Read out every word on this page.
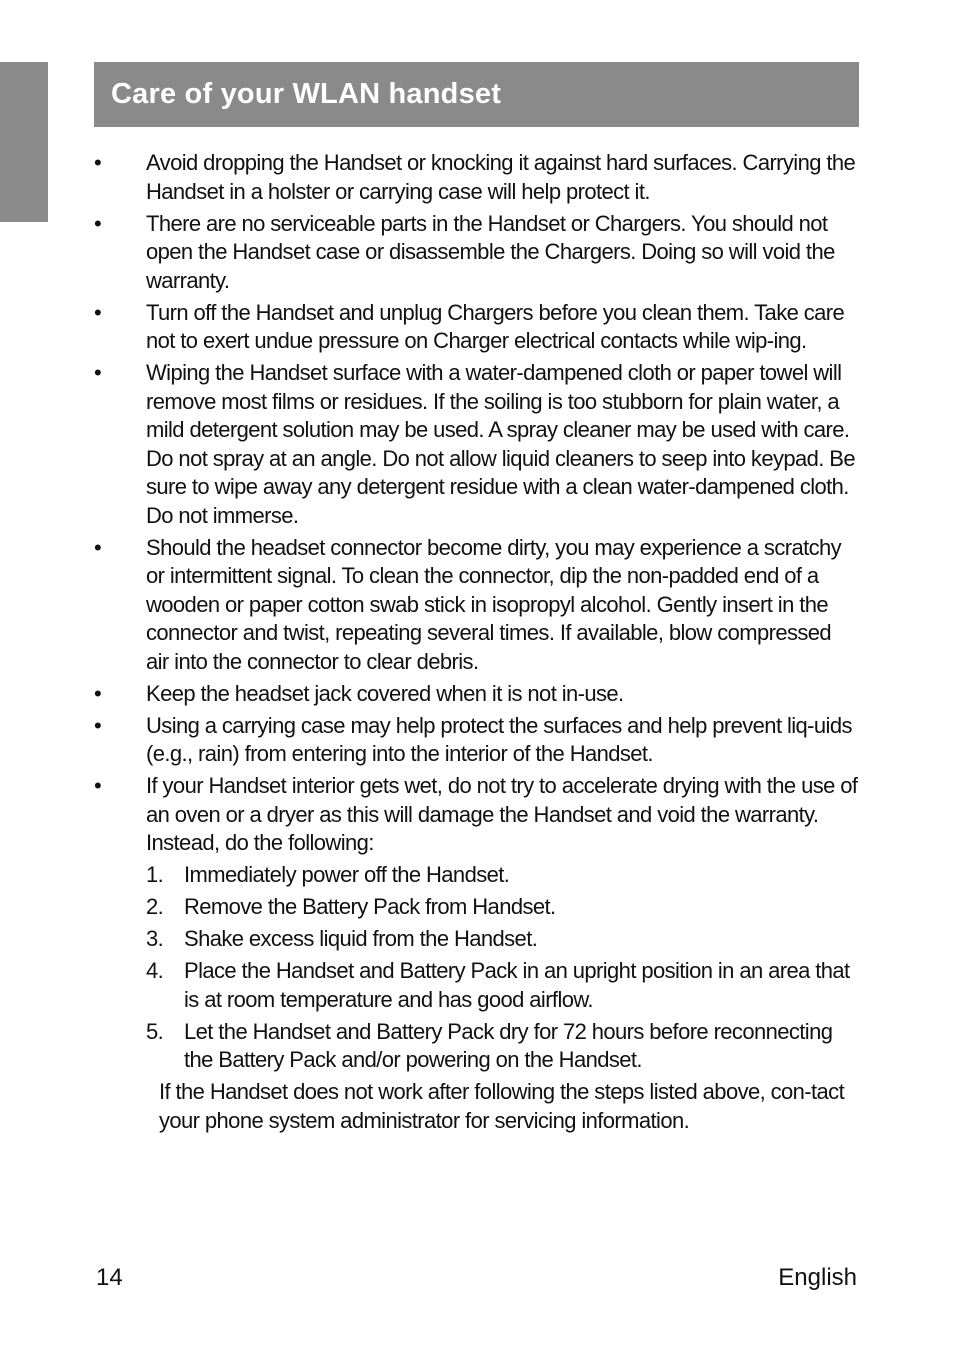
Care of your WLAN handset
•	Avoid dropping the Handset or knocking it against hard surfaces. Carrying the Handset in a holster or carrying case will help protect it.
•	There are no serviceable parts in the Handset or Chargers. You should not open the Handset case or disassemble the Chargers. Doing so will void the warranty.
•	Turn off the Handset and unplug Chargers before you clean them. Take care not to exert undue pressure on Charger electrical contacts while wip-ing.
•	Wiping the Handset surface with a water-dampened cloth or paper towel will remove most films or residues. If the soiling is too stubborn for plain water, a mild detergent solution may be used. A spray cleaner may be used with care. Do not spray at an angle. Do not allow liquid cleaners to seep into keypad. Be sure to wipe away any detergent residue with a clean water-dampened cloth. Do not immerse.
•	Should the headset connector become dirty, you may experience a scratchy or intermittent signal. To clean the connector, dip the non-padded end of a wooden or paper cotton swab stick in isopropyl alcohol. Gently insert in the connector and twist, repeating several times. If available, blow compressed air into the connector to clear debris.
•	Keep the headset jack covered when it is not in-use.
•	Using a carrying case may help protect the surfaces and help prevent liq-uids (e.g., rain) from entering into the interior of the Handset.
•	If your Handset interior gets wet, do not try to accelerate drying with the use of an oven or a dryer as this will damage the Handset and void the warranty. Instead, do the following:
1. Immediately power off the Handset.
2. Remove the Battery Pack from Handset.
3. Shake excess liquid from the Handset.
4. Place the Handset and Battery Pack in an upright position in an area that is at room temperature and has good airflow.
5. Let the Handset and Battery Pack dry for 72 hours before reconnecting the Battery Pack and/or powering on the Handset.

If the Handset does not work after following the steps listed above, con-tact your phone system administrator for servicing information.

14	English
